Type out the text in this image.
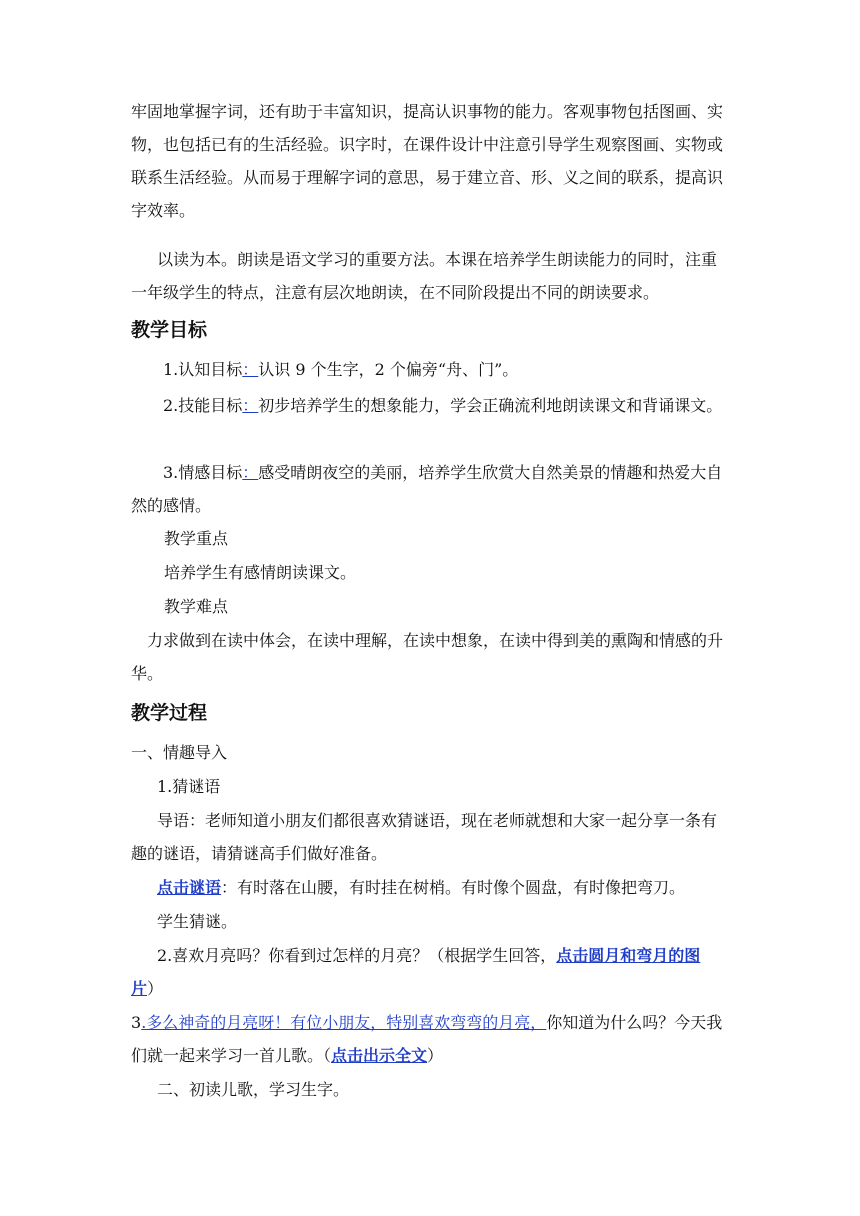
牢固地掌握字词，还有助于丰富知识，提高认识事物的能力。客观事物包括图画、实物，也包括已有的生活经验。识字时，在课件设计中注意引导学生观察图画、实物或联系生活经验。从而易于理解字词的意思，易于建立音、形、义之间的联系，提高识字效率。

以读为本。朗读是语文学习的重要方法。本课在培养学生朗读能力的同时，注重一年级学生的特点，注意有层次地朗读，在不同阶段提出不同的朗读要求。

教学目标

1.认知目标：认识 9 个生字，2 个偏旁“舟、门”。

2.技能目标：初步培养学生的想象能力，学会正确流利地朗读课文和背诵课文。

3.情感目标：感受晴朗夜空的美丽，培养学生欣赏大自然美景的情趣和热爱大自然的感情。

教学重点

培养学生有感情朗读课文。

教学难点

力求做到在读中体会，在读中理解，在读中想象，在读中得到美的熏陶和情感的升华。

教学过程

一、情趣导入

1.猜谜语

导语：老师知道小朋友们都很喜欢猜谜语，现在老师就想和大家一起分享一条有趣的谜语，请猜谜高手们做好准备。

点击谜语：有时落在山腰，有时挂在树梢。有时像个圆盘，有时像把弯刀。

学生猜谜。

2.喜欢月亮吗？你看到过怎样的月亮？（根据学生回答，点击圆月和弯月的图片）

3.多么神奇的月亮呀！有位小朋友，特别喜欢弯弯的月亮，你知道为什么吗？今天我们就一起来学习一首儿歌。（点击出示全文）

二、初读儿歌，学习生字。
